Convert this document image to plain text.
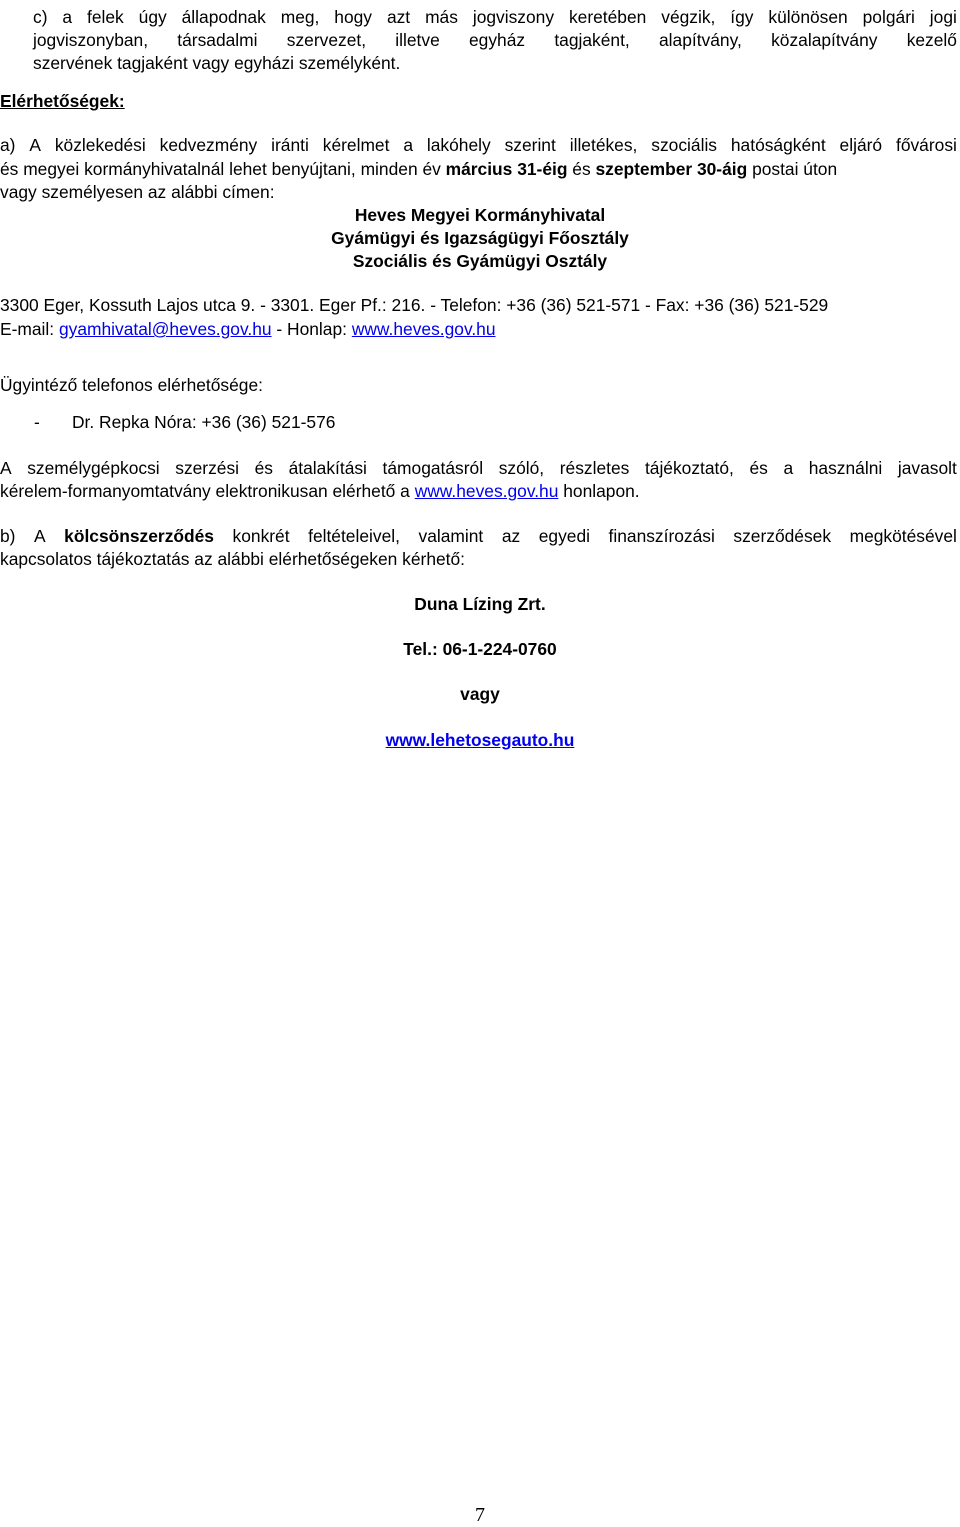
c) a felek úgy állapodnak meg, hogy azt más jogviszony keretében végzik, így különösen polgári jogi
jogviszonyban, társadalmi szervezet, illetve egyház tagjaként, alapítvány, közalapítvány kezelő
szervének tagjaként vagy egyházi személyként.
Elérhetőségek:
a) A közlekedési kedvezmény iránti kérelmet a lakóhely szerint illetékes, szociális hatóságként eljáró fővárosi
és megyei kormányhivatalnál lehet benyújtani, minden év március 31-éig és szeptember 30-áig postai úton
vagy személyesen az alábbi címen:
Heves Megyei Kormányhivatal
Gyámügyi és Igazságügyi Főosztály
Szociális és Gyámügyi Osztály
3300 Eger, Kossuth Lajos utca 9. - 3301. Eger Pf.: 216. - Telefon: +36 (36) 521-571 - Fax: +36 (36) 521-529
E-mail: gyamhivatal@heves.gov.hu - Honlap: www.heves.gov.hu
Ügyintéző telefonos elérhetősége:
- Dr. Repka Nóra: +36 (36) 521-576
A személygépkocsi szerzési és átalakítási támogatásról szóló, részletes tájékoztató, és a használni javasolt
kérelem-formanyomtatvány elektronikusan elérhető a www.heves.gov.hu honlapon.
b) A kölcsönszerződés konkrét feltételeivel, valamint az egyedi finanszírozási szerződések megkötésével
kapcsolatos tájékoztatás az alábbi elérhetőségeken kérhető:
Duna Lízing Zrt.
Tel.: 06-1-224-0760
vagy
www.lehetosegauto.hu
7
